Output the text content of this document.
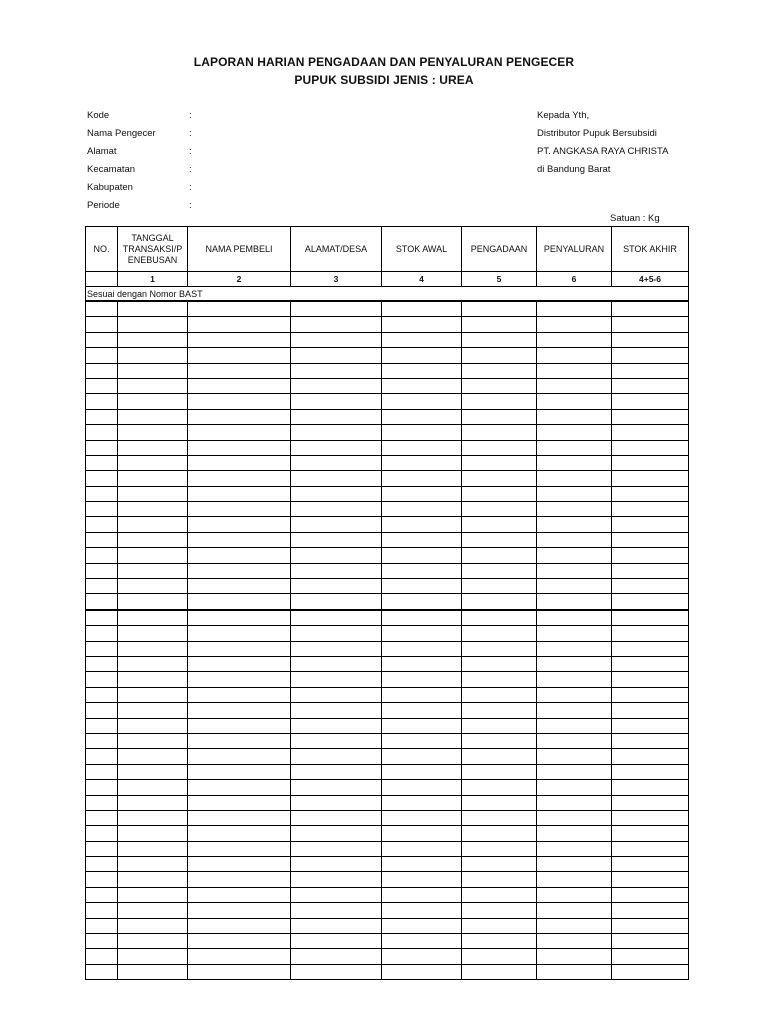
LAPORAN HARIAN PENGADAAN DAN PENYALURAN PENGECER
PUPUK SUBSIDI JENIS : UREA
Kode	:
Nama Pengecer	:
Alamat	:
Kecamatan	:
Kabupaten	:
Periode	:
Kepada Yth,
Distributor Pupuk Bersubsidi
PT. ANGKASA RAYA CHRISTA
di Bandung Barat
Satuan : Kg
NO.	TANGGAL
TRANSAKSI/P
ENEBUSAN	NAMA PEMBELI	ALAMAT/DESA	STOK AWAL	PENGADAAN	PENYALURAN	STOK AKHIR
	1	2	3	4	5	6	4+5-6
Sesuai dengan Nomor BAST							
